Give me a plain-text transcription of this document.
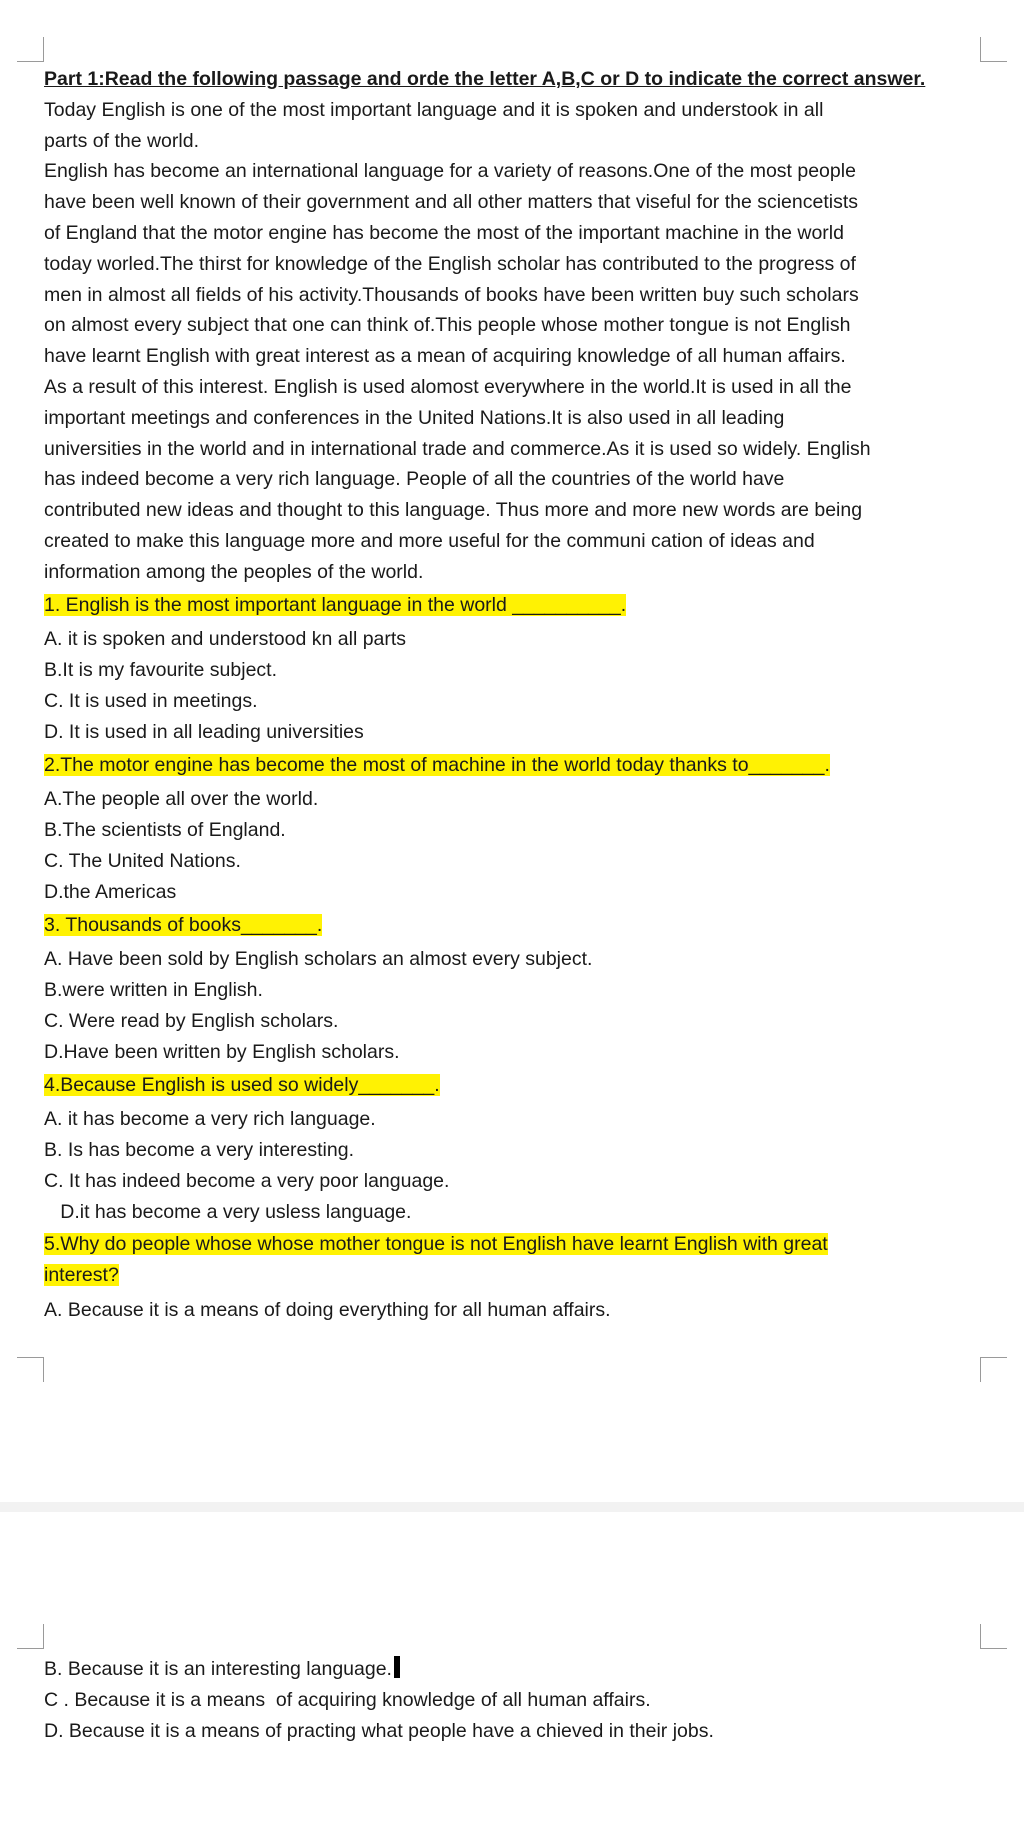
Part 1:Read the following passage and orde the letter A,B,C or D to indicate the correct answer.
Today English is one of the most important language and it is spoken and understook in all
parts of the world.
English has become an international language for a variety of reasons.One of the most people
have been well known of their government and all other matters that viseful for the sciencetists
of England that the motor engine has become the most of the important machine in the world
today worled.The thirst for knowledge of the English scholar has contributed to the progress of
men in almost all fields of his activity.Thousands of books have been written buy such scholars
on almost every subject that one can think of.This people whose mother tongue is not English
have learnt English with great interest as a mean of acquiring knowledge of all human affairs.
As a result of this interest. English is used alomost everywhere in the world.It is used in all the
important meetings and conferences in the United Nations.It is also used in all leading
universities in the world and in international trade and commerce.As it is used so widely. English
has indeed become a very rich language. People of all the countries of the world have
contributed new ideas and thought to this language. Thus more and more new words are being
created to make this language more and more useful for the communi cation of ideas and
information among the peoples of the world.
1. English is the most important language in the world __________.
A. it is spoken and understood kn all parts
B.It is my favourite subject.
C. It is used in meetings.
D. It is used in all leading universities
2.The motor engine has become the most of machine in the world today thanks to_______.
A.The people all over the world.
B.The scientists of England.
C. The United Nations.
D.the Americas
3. Thousands of books_______.
A. Have been sold by English scholars an almost every subject.
B.were written in English.
C. Were read by English scholars.
D.Have been written by English scholars.
4.Because English is used so widely_______.
A. it has become a very rich language.
B. Is has become a very interesting.
C. It has indeed become a very poor language.
D.it has become a very usless language.
5.Why do people whose whose mother tongue is not English have learnt English with great
interest?
A. Because it is a means of doing everything for all human affairs.
B. Because it is an interesting language.
C . Because it is a means  of acquiring knowledge of all human affairs.
D. Because it is a means of practing what people have a chieved in their jobs.
